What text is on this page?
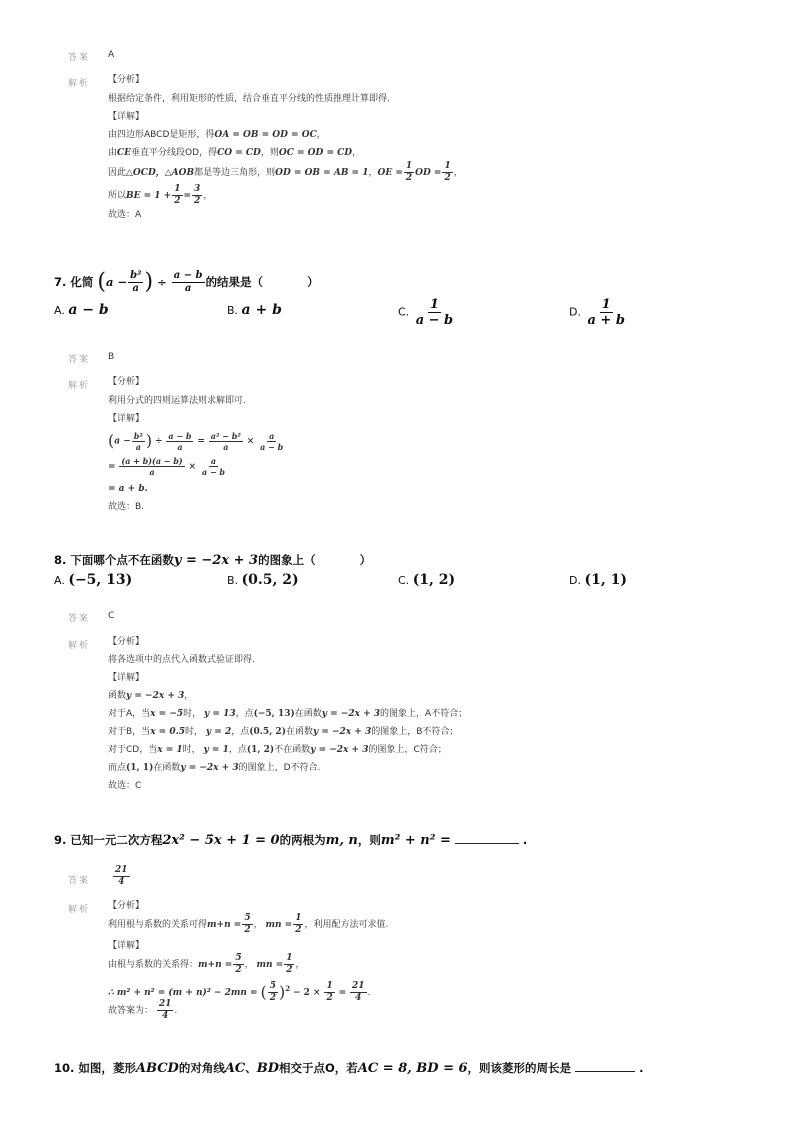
答案 A
解析 【分析】
根据给定条件，利用矩形的性质，结合垂直平分线的性质推理计算即得.
【详解】
由四边形ABCD是矩形，得OA = OB = OD = OC，
由CE垂直平分线段OD，得CO = CD，则OC = OD = CD，
因此△OCD，△AOB都是等边三角形，则OD = OB = AB = 1，OE = $\frac{1}{2}$ OD = $\frac{1}{2}$ ，
所以BE = $1 + \frac{1}{2} = \frac{3}{2}$ ，
故选：A
7. 化简 ($a - \frac{\text{b²}}{a}$ ) ÷ $\frac{a - b}{a}$ 的结果是（	）
A. a − b	B. a + b	C. $\frac{1}{a - b}$	D. $\frac{1}{a + b}$
答案 B
解析 【分析】
利用分式的四则运算法则求解即可.
【详解】
($a - \frac{\text{b²}}{a}$ ) ÷ $\frac{a - b}{a} = \frac{\text{a² − b²}}{a} \times \frac{a}{a - b}$
= $\frac{(a + b)(a - b)}{a} \times \frac{a}{a - b}$
= a + b.
故选：B.
8. 下面哪个点不在函数y = −2x + 3的图象上（	）
A. (−5, 13)	B. (0.5, 2)	C. (1, 2)	D. (1, 1)
答案 C
解析 【分析】
将各选项中的点代入函数式验证即得.
【详解】
函数y = −2x + 3，
对于A，当x = −5时， y = 13，点(−5, 13)在函数y = −2x + 3的图象上，A不符合；
对于B，当x = 0.5时， y = 2，点(0.5, 2)在函数y = −2x + 3的图象上，B不符合；
对于CD，当x = 1时， y = 1，点(1, 2)不在函数y = −2x + 3的图象上，C符合；
而点(1, 1)在函数y = −2x + 3的图象上，D不符合.
故选：C
9. 已知一元二次方程2x² − 5x + 1 = 0的两根为m, n，则m² + n² =	.
答案	$\frac{21}{4}$
解析 【分析】
利用根与系数的关系可得$m+n = \frac{5}{2}$ ， mn = $\frac{1}{2}$ ，利用配方法可求值.
【详解】
由根与系数的关系得：$m+n = \frac{5}{2}$ ， mn = $\frac{1}{2}$ ，
∴ m² + n² = (m + n)² − 2mn = ( $\frac{5}{2} )^2 - 2 \times \frac{1}{2} = \frac{21}{4}$ .
故答案为： $\frac{21}{4}$ .
10. 如图，菱形ABCD的对角线AC、BD相交于点O，若AC = 8, BD = 6，则该菱形的周长是	.
